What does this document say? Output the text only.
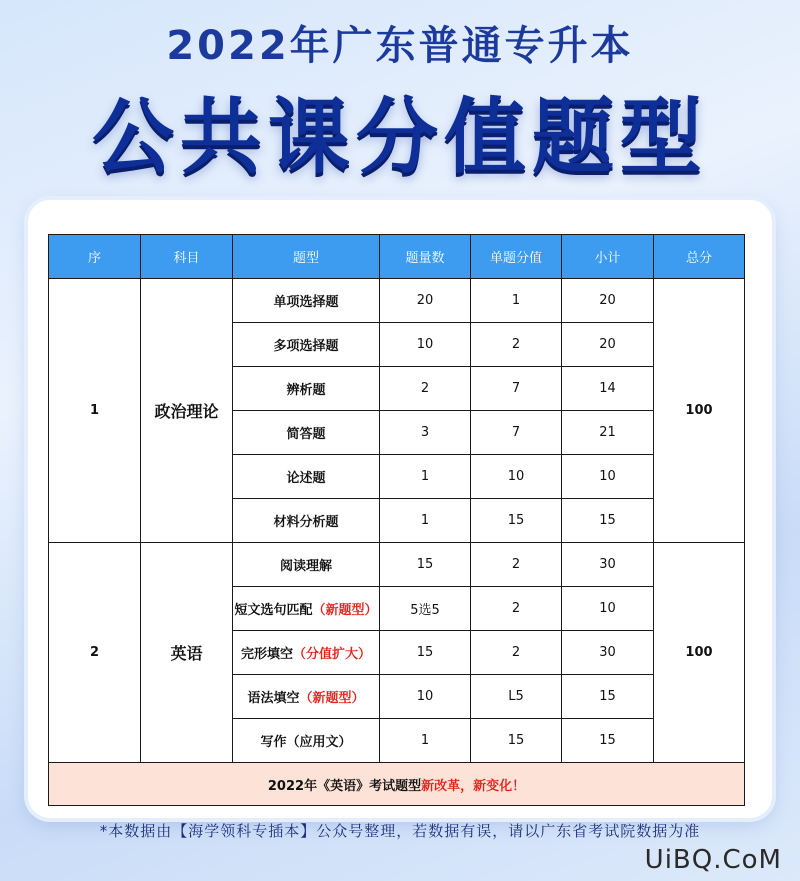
2022年广东普通专升本
公共课分值题型
序	科目	题型	题量数	单题分值	小计	总分
1	政治理论	单项选择题	20	1	20	100
		多项选择题	10	2	20	
		辨析题	2	7	14	
		简答题	3	7	21	
		论述题	1	10	10	
		材料分析题	1	15	15	
2	英语	阅读理解	15	2	30	100
		短文选句匹配（新题型）	5选5	2	10	
		完形填空（分值扩大）	15	2	30	
		语法填空（新题型）	10	L5	15	
		写作（应用文）	1	15	15	
2022年《英语》考试题型新改革，新变化！						
*本数据由【海学领科专插本】公众号整理，若数据有误，请以广东省考试院数据为准
UiBQ.CoM
